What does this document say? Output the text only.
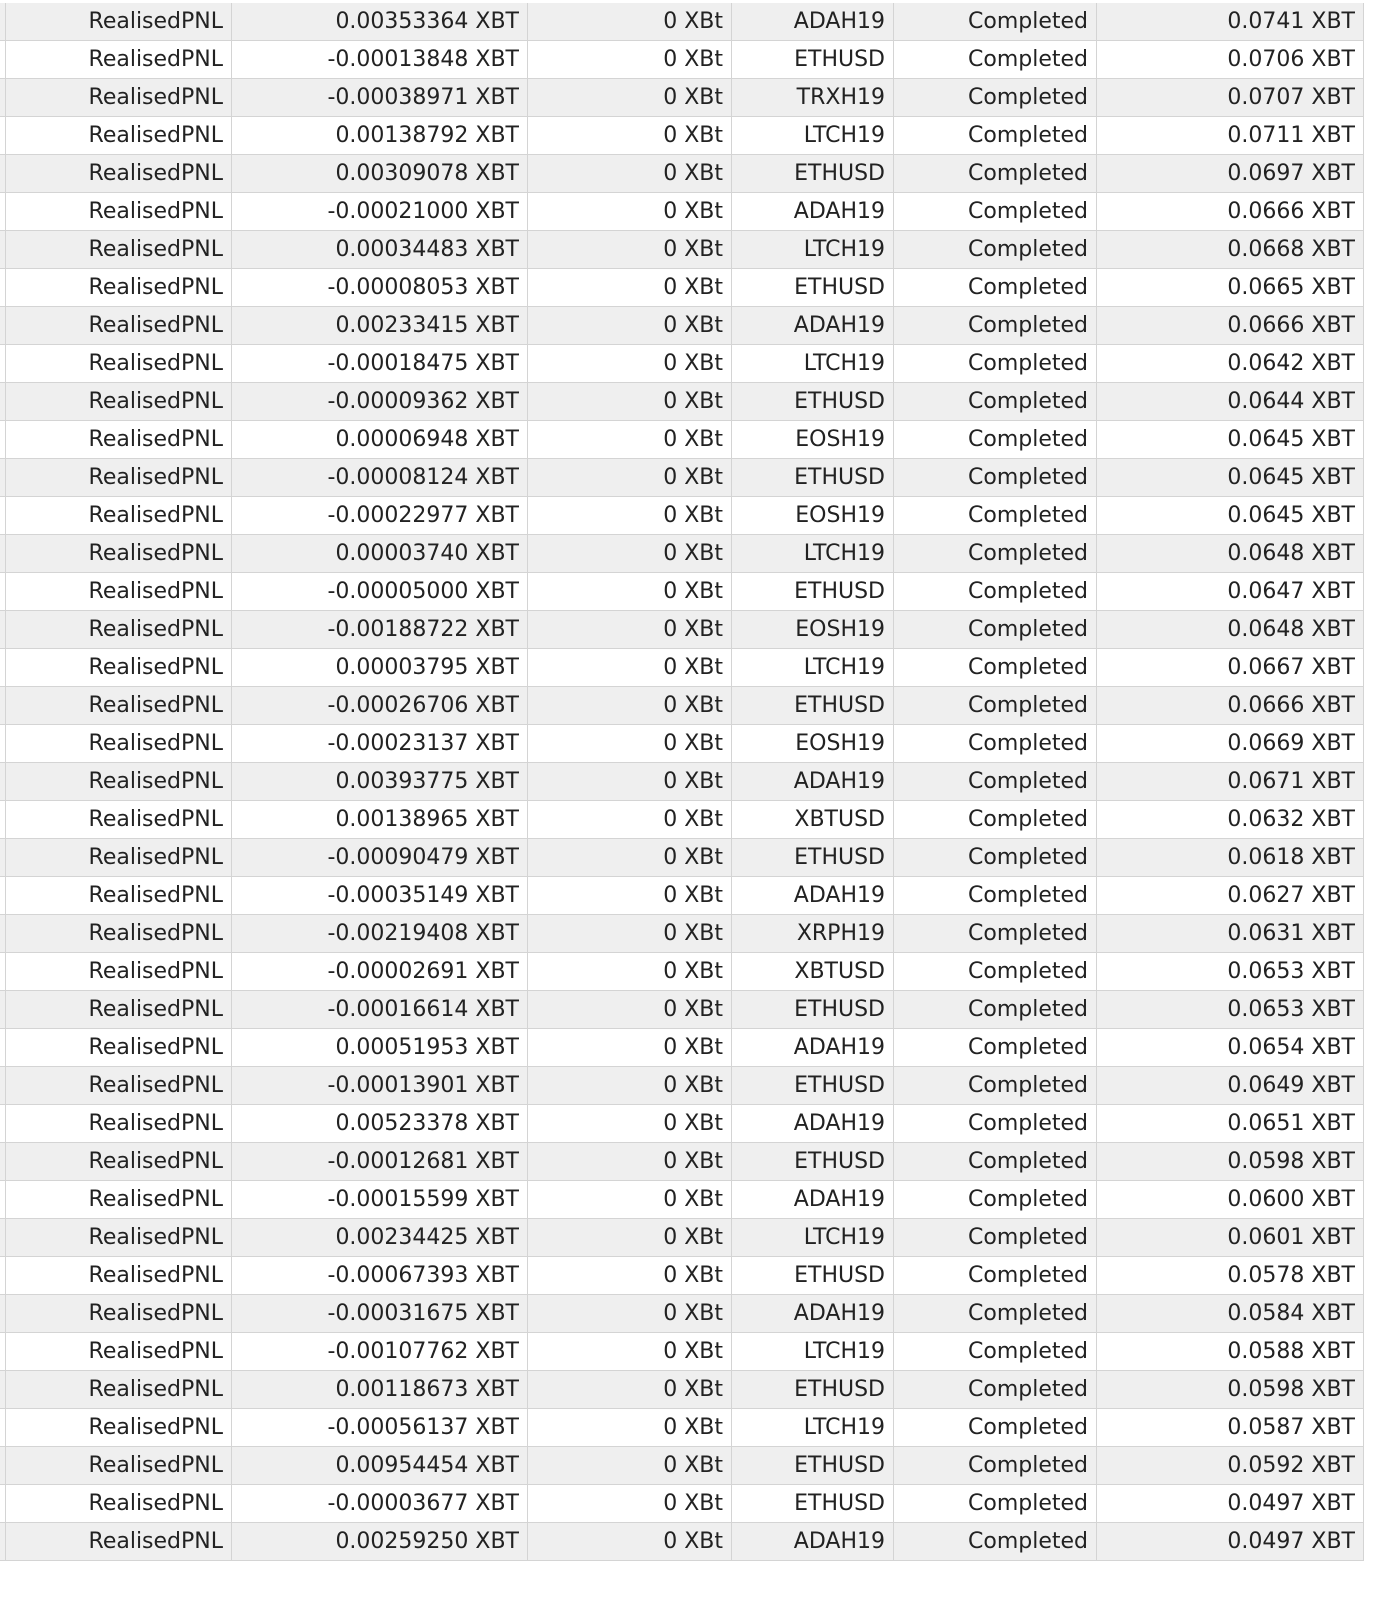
RealisedPNL	0.00353364 XBT	0 XBt	ADAH19	Completed	0.0741 XBT
RealisedPNL	-0.00013848 XBT	0 XBt	ETHUSD	Completed	0.0706 XBT
RealisedPNL	-0.00038971 XBT	0 XBt	TRXH19	Completed	0.0707 XBT
RealisedPNL	0.00138792 XBT	0 XBt	LTCH19	Completed	0.0711 XBT
RealisedPNL	0.00309078 XBT	0 XBt	ETHUSD	Completed	0.0697 XBT
RealisedPNL	-0.00021000 XBT	0 XBt	ADAH19	Completed	0.0666 XBT
RealisedPNL	0.00034483 XBT	0 XBt	LTCH19	Completed	0.0668 XBT
RealisedPNL	-0.00008053 XBT	0 XBt	ETHUSD	Completed	0.0665 XBT
RealisedPNL	0.00233415 XBT	0 XBt	ADAH19	Completed	0.0666 XBT
RealisedPNL	-0.00018475 XBT	0 XBt	LTCH19	Completed	0.0642 XBT
RealisedPNL	-0.00009362 XBT	0 XBt	ETHUSD	Completed	0.0644 XBT
RealisedPNL	0.00006948 XBT	0 XBt	EOSH19	Completed	0.0645 XBT
RealisedPNL	-0.00008124 XBT	0 XBt	ETHUSD	Completed	0.0645 XBT
RealisedPNL	-0.00022977 XBT	0 XBt	EOSH19	Completed	0.0645 XBT
RealisedPNL	0.00003740 XBT	0 XBt	LTCH19	Completed	0.0648 XBT
RealisedPNL	-0.00005000 XBT	0 XBt	ETHUSD	Completed	0.0647 XBT
RealisedPNL	-0.00188722 XBT	0 XBt	EOSH19	Completed	0.0648 XBT
RealisedPNL	0.00003795 XBT	0 XBt	LTCH19	Completed	0.0667 XBT
RealisedPNL	-0.00026706 XBT	0 XBt	ETHUSD	Completed	0.0666 XBT
RealisedPNL	-0.00023137 XBT	0 XBt	EOSH19	Completed	0.0669 XBT
RealisedPNL	0.00393775 XBT	0 XBt	ADAH19	Completed	0.0671 XBT
RealisedPNL	0.00138965 XBT	0 XBt	XBTUSD	Completed	0.0632 XBT
RealisedPNL	-0.00090479 XBT	0 XBt	ETHUSD	Completed	0.0618 XBT
RealisedPNL	-0.00035149 XBT	0 XBt	ADAH19	Completed	0.0627 XBT
RealisedPNL	-0.00219408 XBT	0 XBt	XRPH19	Completed	0.0631 XBT
RealisedPNL	-0.00002691 XBT	0 XBt	XBTUSD	Completed	0.0653 XBT
RealisedPNL	-0.00016614 XBT	0 XBt	ETHUSD	Completed	0.0653 XBT
RealisedPNL	0.00051953 XBT	0 XBt	ADAH19	Completed	0.0654 XBT
RealisedPNL	-0.00013901 XBT	0 XBt	ETHUSD	Completed	0.0649 XBT
RealisedPNL	0.00523378 XBT	0 XBt	ADAH19	Completed	0.0651 XBT
RealisedPNL	-0.00012681 XBT	0 XBt	ETHUSD	Completed	0.0598 XBT
RealisedPNL	-0.00015599 XBT	0 XBt	ADAH19	Completed	0.0600 XBT
RealisedPNL	0.00234425 XBT	0 XBt	LTCH19	Completed	0.0601 XBT
RealisedPNL	-0.00067393 XBT	0 XBt	ETHUSD	Completed	0.0578 XBT
RealisedPNL	-0.00031675 XBT	0 XBt	ADAH19	Completed	0.0584 XBT
RealisedPNL	-0.00107762 XBT	0 XBt	LTCH19	Completed	0.0588 XBT
RealisedPNL	0.00118673 XBT	0 XBt	ETHUSD	Completed	0.0598 XBT
RealisedPNL	-0.00056137 XBT	0 XBt	LTCH19	Completed	0.0587 XBT
RealisedPNL	0.00954454 XBT	0 XBt	ETHUSD	Completed	0.0592 XBT
RealisedPNL	-0.00003677 XBT	0 XBt	ETHUSD	Completed	0.0497 XBT
RealisedPNL	0.00259250 XBT	0 XBt	ADAH19	Completed	0.0497 XBT
